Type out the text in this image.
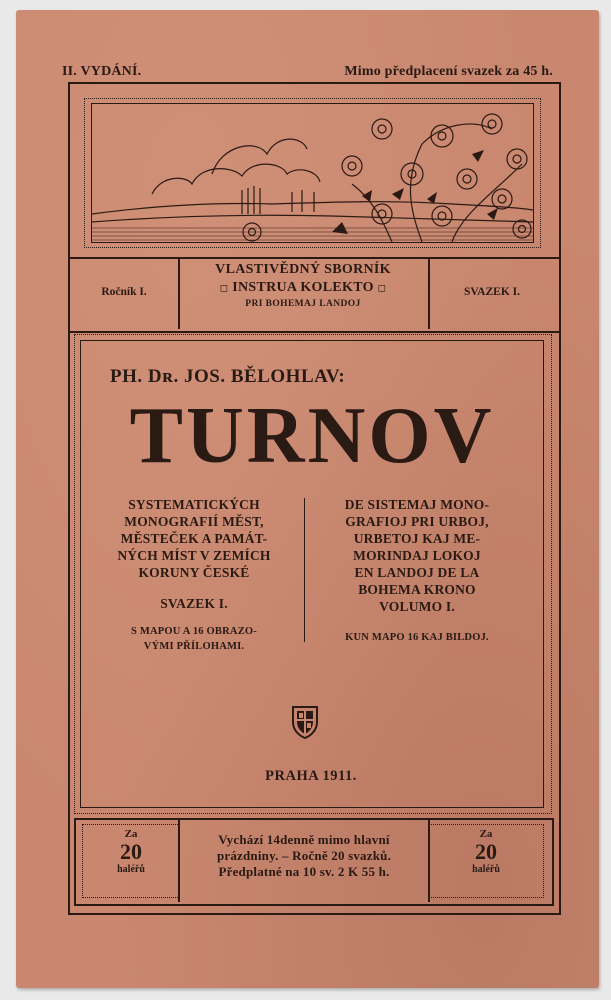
II. VYDÁNÍ.	Mimo předplacení svazek za 45 h.
Ročník I.
VLASTIVĚDNÝ SBORNÍK
◻ INSTRUA KOLEKTO ◻
PRI BOHEMAJ LANDOJ
SVAZEK I.
PH. Dʀ. JOS. BĚLOHLAV:
TURNOV
SYSTEMATICKÝCH
MONOGRAFIÍ MĚST,
MĚSTEČEK A PAMÁT-
NÝCH MÍST V ZEMÍCH
KORUNY ČESKÉ
SVAZEK I.
S MAPOU A 16 OBRAZO-
VÝMI PŘÍLOHAMI.
DE SISTEMAJ MONO-
GRAFIOJ PRI URBOJ,
URBETOJ KAJ ME-
MORINDAJ LOKOJ
EN LANDOJ DE LA
BOHEMA KRONO
VOLUMO I.
KUN MAPO 16 KAJ BILDOJ.
PRAHA 1911.
Za
20
haléřů
Vychází 14denně mimo hlavní
prázdniny. – Ročně 20 svazků.
Předplatné na 10 sv. 2 K 55 h.
Za
20
haléřů
